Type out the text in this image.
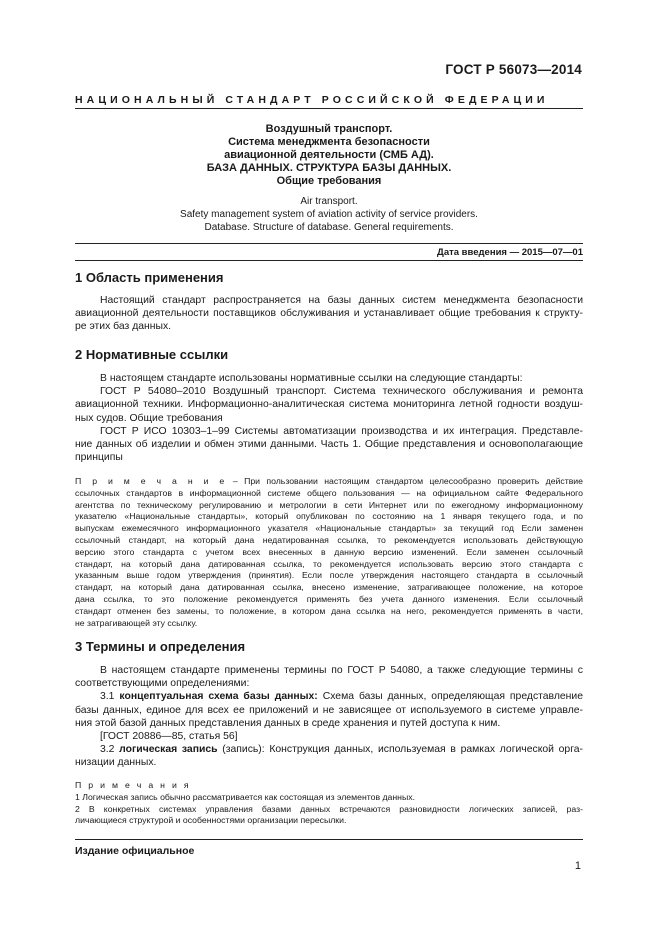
ГОСТ Р 56073—2014
НАЦИОНАЛЬНЫЙ СТАНДАРТ РОССИЙСКОЙ ФЕДЕРАЦИИ
Воздушный транспорт.
Система менеджмента безопасности
авиационной деятельности (СМБ АД).
БАЗА ДАННЫХ. СТРУКТУРА БАЗЫ ДАННЫХ.
Общие требования
Air transport.
Safety management system of aviation activity of service providers.
Database. Structure of database. General requirements.
Дата введения — 2015—07—01
1 Область применения
Настоящий стандарт распространяется на базы данных систем менеджмента безопасности
авиационной деятельности поставщиков обслуживания и устанавливает общие требования к структу-
ре этих баз данных.
2 Нормативные ссылки
В настоящем стандарте использованы нормативные ссылки на следующие стандарты:
ГОСТ Р 54080–2010 Воздушный транспорт. Система технического обслуживания и ремонта
авиационной техники. Информационно-аналитическая система мониторинга летной годности воздуш-
ных судов. Общие требования
ГОСТ Р ИСО 10303–1–99 Системы автоматизации производства и их интеграция. Представле-
ние данных об изделии и обмен этими данными. Часть 1. Общие представления и основополагающие
принципы
П р и м е ч а н и е – При пользовании настоящим стандартом целесообразно проверить действие
ссылочных стандартов в информационной системе общего пользования — на официальном сайте Федерального
агентства по техническому регулированию и метрологии в сети Интернет или по ежегодному информационному
указателю «Национальные стандарты», который опубликован по состоянию на 1 января текущего года, и по
выпускам ежемесячного информационного указателя «Национальные стандарты» за текущий год Если заменен
ссылочный стандарт, на который дана недатированная ссылка, то рекомендуется использовать действующую
версию этого стандарта с учетом всех внесенных в данную версию изменений. Если заменен ссылочный
стандарт, на который дана датированная ссылка, то рекомендуется использовать версию этого стандарта с
указанным выше годом утверждения (принятия). Если после утверждения настоящего стандарта в ссылочный
стандарт, на который дана датированная ссылка, внесено изменение, затрагивающее положение, на которое
дана ссылка, то это положение рекомендуется применять без учета данного изменения. Если ссылочный
стандарт отменен без замены, то положение, в котором дана ссылка на него, рекомендуется применять в части,
не затрагивающей эту ссылку.
3 Термины и определения
В настоящем стандарте применены термины по ГОСТ Р 54080, а также следующие термины с
соответствующими определениями:
3.1 концептуальная схема базы данных: Схема базы данных, определяющая представление
базы данных, единое для всех ее приложений и не зависящее от используемого в системе управле-
ния этой базой данных представления данных в среде хранения и путей доступа к ним.
[ГОСТ 20886—85, статья 56]
3.2 логическая запись (запись): Конструкция данных, используемая в рамках логической орга-
низации данных.
П р и м е ч а н и я
1 Логическая запись обычно рассматривается как состоящая из элементов данных.
2 В конкретных системах управления базами данных встречаются разновидности логических записей, раз-
личающиеся структурой и особенностями организации пересылки.
Издание официальное
1
